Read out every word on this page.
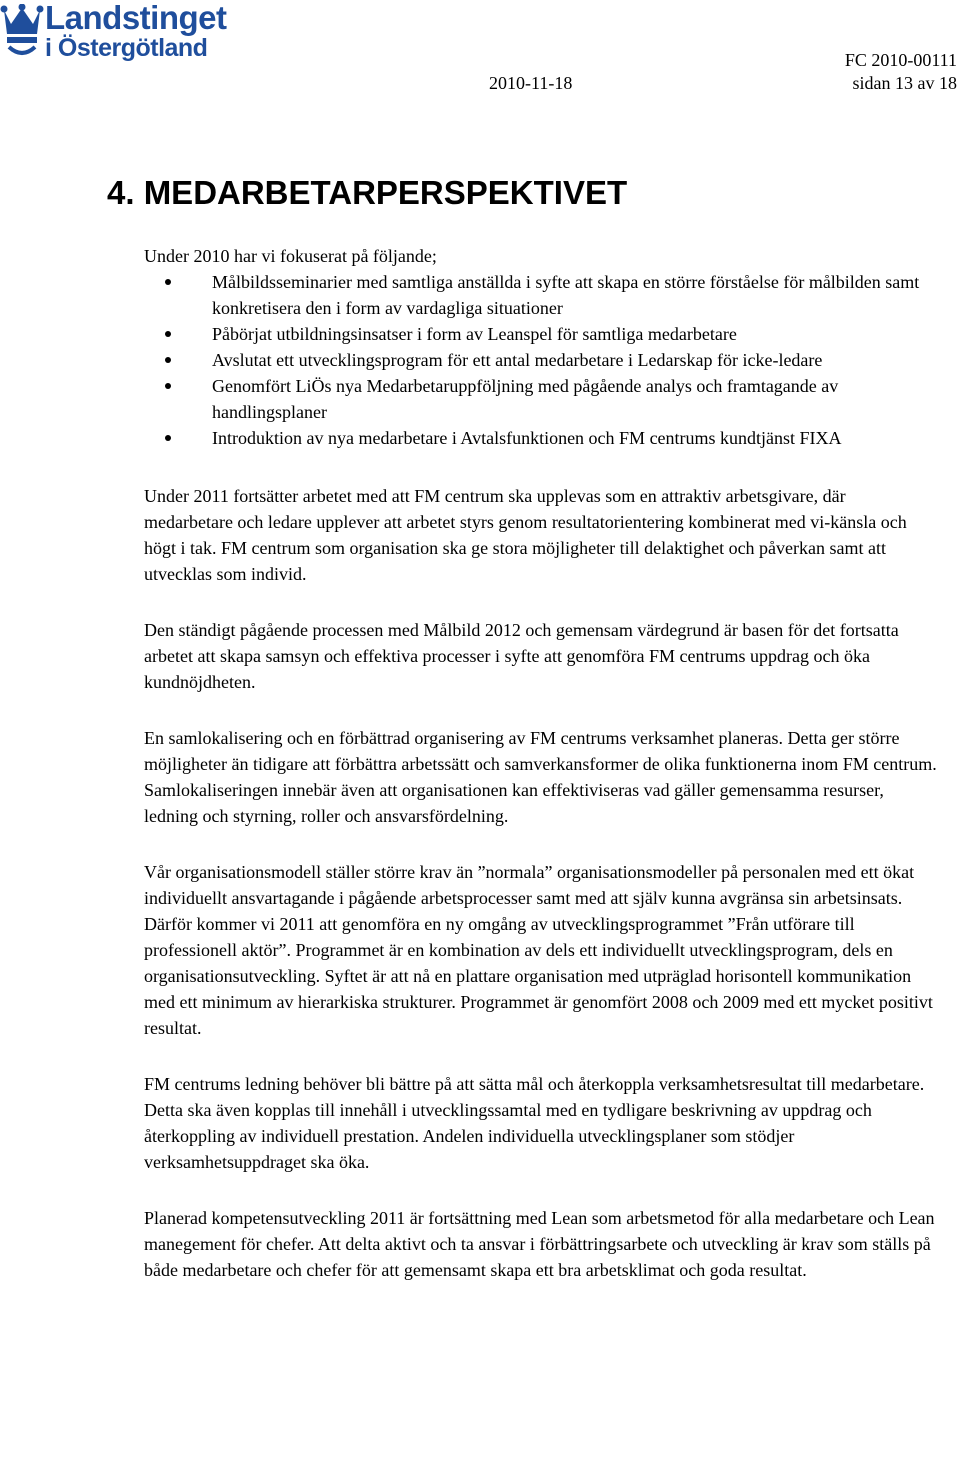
Landstinget
i Östergötland	FC 2010-00111
2010-11-18	sidan 13 av 18
4. MEDARBETARPERSPEKTIVET

Under 2010 har vi fokuserat på följande;

Målbildsseminarier med samtliga anställda i syfte att skapa en större förståelse för målbilden samt konkretisera den i form av vardagliga situationer
Påbörjat utbildningsinsatser i form av Leanspel för samtliga medarbetare
Avslutat ett utvecklingsprogram för ett antal medarbetare i Ledarskap för icke-ledare
Genomfört LiÖs nya Medarbetaruppföljning med pågående analys och framtagande av handlingsplaner
Introduktion av nya medarbetare i Avtalsfunktionen och FM centrums kundtjänst FIXA

Under 2011 fortsätter arbetet med att FM centrum ska upplevas som en attraktiv arbetsgivare, där medarbetare och ledare upplever att arbetet styrs genom resultatorientering kombinerat med vi-känsla och högt i tak. FM centrum som organisation ska ge stora möjligheter till delaktighet och påverkan samt att utvecklas som individ.

Den ständigt pågående processen med Målbild 2012 och gemensam värdegrund är basen för det fortsatta arbetet att skapa samsyn och effektiva processer i syfte att genomföra FM centrums uppdrag och öka kundnöjdheten.

En samlokalisering och en förbättrad organisering av FM centrums verksamhet planeras. Detta ger större möjligheter än tidigare att förbättra arbetssätt och samverkansformer de olika funktionerna inom FM centrum. Samlokaliseringen innebär även att organisationen kan effektiviseras vad gäller gemensamma resurser, ledning och styrning, roller och ansvarsfördelning.

Vår organisationsmodell ställer större krav än ”normala” organisationsmodeller på personalen med ett ökat individuellt ansvartagande i pågående arbetsprocesser samt med att själv kunna avgränsa sin arbetsinsats. Därför kommer vi 2011 att genomföra en ny omgång av utvecklingsprogrammet ”Från utförare till professionell aktör”. Programmet är en kombination av dels ett individuellt utvecklingsprogram, dels en organisationsutveckling. Syftet är att nå en plattare organisation med utpräglad horisontell kommunikation med ett minimum av hierarkiska strukturer. Programmet är genomfört 2008 och 2009 med ett mycket positivt resultat.

FM centrums ledning behöver bli bättre på att sätta mål och återkoppla verksamhetsresultat till medarbetare. Detta ska även kopplas till innehåll i utvecklingssamtal med en tydligare beskrivning av uppdrag och återkoppling av individuell prestation. Andelen individuella utvecklingsplaner som stödjer verksamhetsuppdraget ska öka.

Planerad kompetensutveckling 2011 är fortsättning med Lean som arbetsmetod för alla medarbetare och Lean manegement för chefer. Att delta aktivt och ta ansvar i förbättringsarbete och utveckling är krav som ställs på både medarbetare och chefer för att gemensamt skapa ett bra arbetsklimat och goda resultat.
